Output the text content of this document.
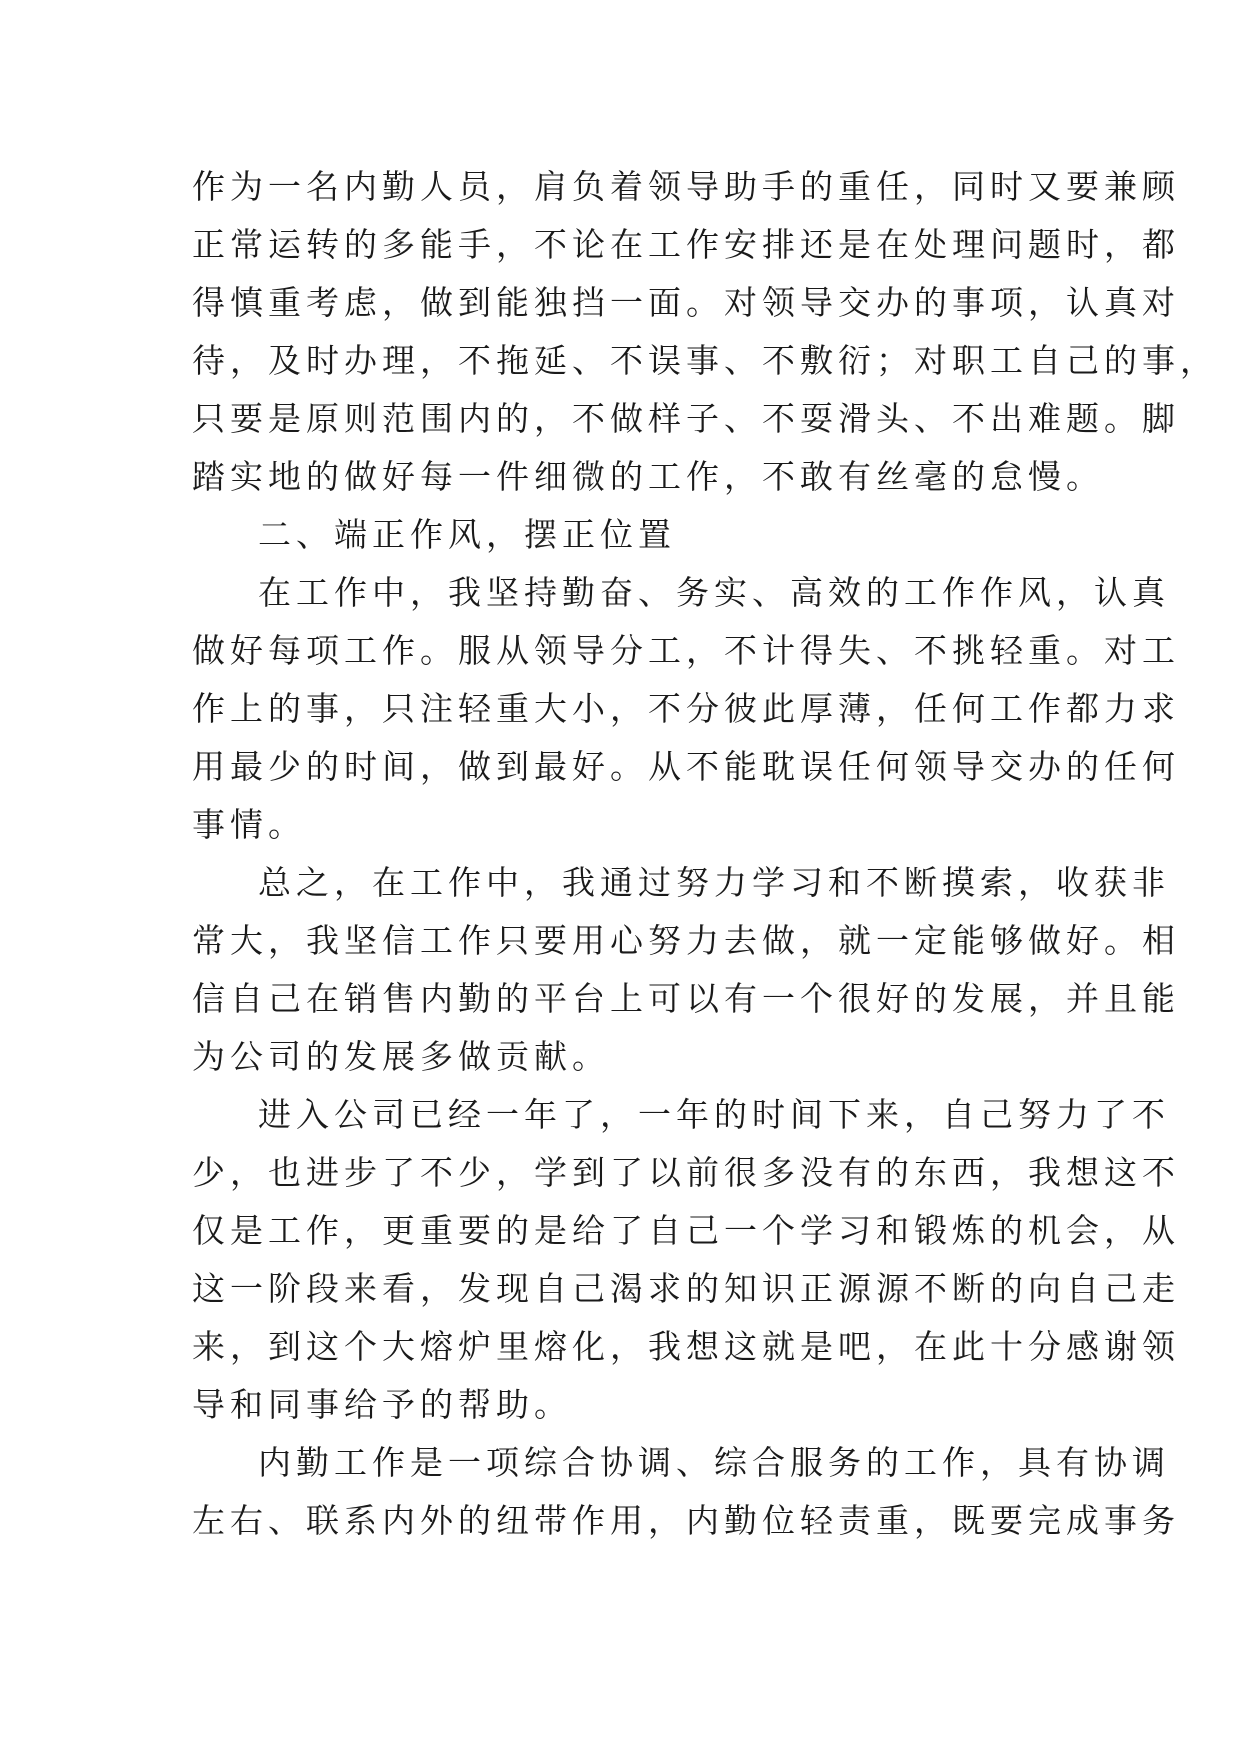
作为一名内勤人员，肩负着领导助手的重任，同时又要兼顾
正常运转的多能手，不论在工作安排还是在处理问题时，都
得慎重考虑，做到能独挡一面。对领导交办的事项，认真对
待，及时办理，不拖延、不误事、不敷衍；对职工自己的事，
只要是原则范围内的，不做样子、不耍滑头、不出难题。脚
踏实地的做好每一件细微的工作，不敢有丝毫的怠慢。
二、端正作风，摆正位置
在工作中，我坚持勤奋、务实、高效的工作作风，认真
做好每项工作。服从领导分工，不计得失、不挑轻重。对工
作上的事，只注轻重大小，不分彼此厚薄，任何工作都力求
用最少的时间，做到最好。从不能耽误任何领导交办的任何
事情。
总之，在工作中，我通过努力学习和不断摸索，收获非
常大，我坚信工作只要用心努力去做，就一定能够做好。相
信自己在销售内勤的平台上可以有一个很好的发展，并且能
为公司的发展多做贡献。
进入公司已经一年了，一年的时间下来，自己努力了不
少，也进步了不少，学到了以前很多没有的东西，我想这不
仅是工作，更重要的是给了自己一个学习和锻炼的机会，从
这一阶段来看，发现自己渴求的知识正源源不断的向自己走
来，到这个大熔炉里熔化，我想这就是吧，在此十分感谢领
导和同事给予的帮助。
内勤工作是一项综合协调、综合服务的工作，具有协调
左右、联系内外的纽带作用，内勤位轻责重，既要完成事务
